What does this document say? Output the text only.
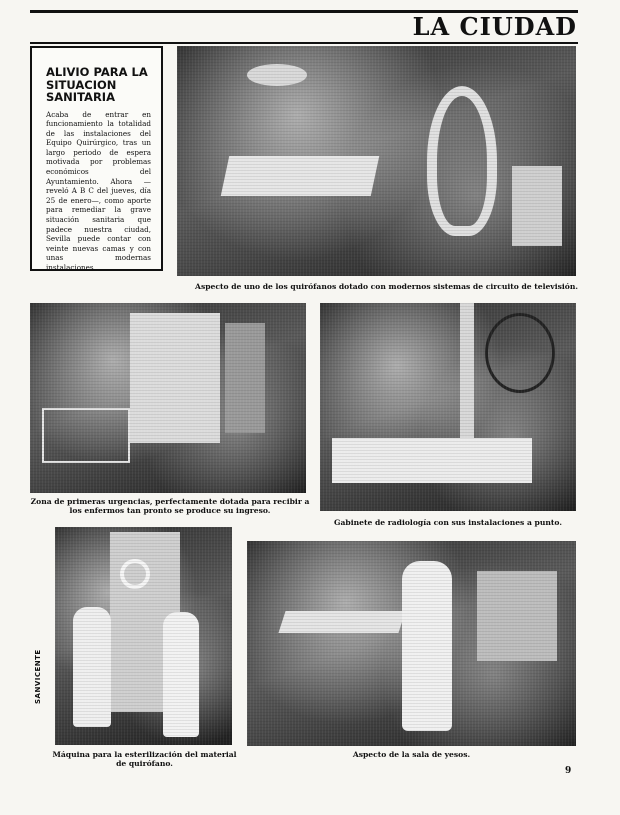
LA CIUDAD

ALIVIO PARA LA SITUACION SANITARIA

Acaba de entrar en funcionamiento la totalidad de las instalaciones del Equipo Quirúrgico, tras un largo periodo de espera motivada por problemas económicos del Ayuntamiento. Ahora —reveló A B C del jueves, día 25 de enero—, como aporte para remediar la grave situación sanitaria que padece nuestra ciudad, Sevilla puede contar con veinte nuevas camas y con unas modernas instalaciones.

Aspecto de uno de los quirófanos dotado con modernos sistemas de circuito de televisión.
Zona de primeras urgencias, perfectamente dotada para recibir a los enfermos tan pronto se produce su ingreso.
Gabinete de radiología con sus instalaciones a punto.
Máquina para la esterilización del material de quirófano.
Aspecto de la sala de yesos.
SANVICENTE
9
